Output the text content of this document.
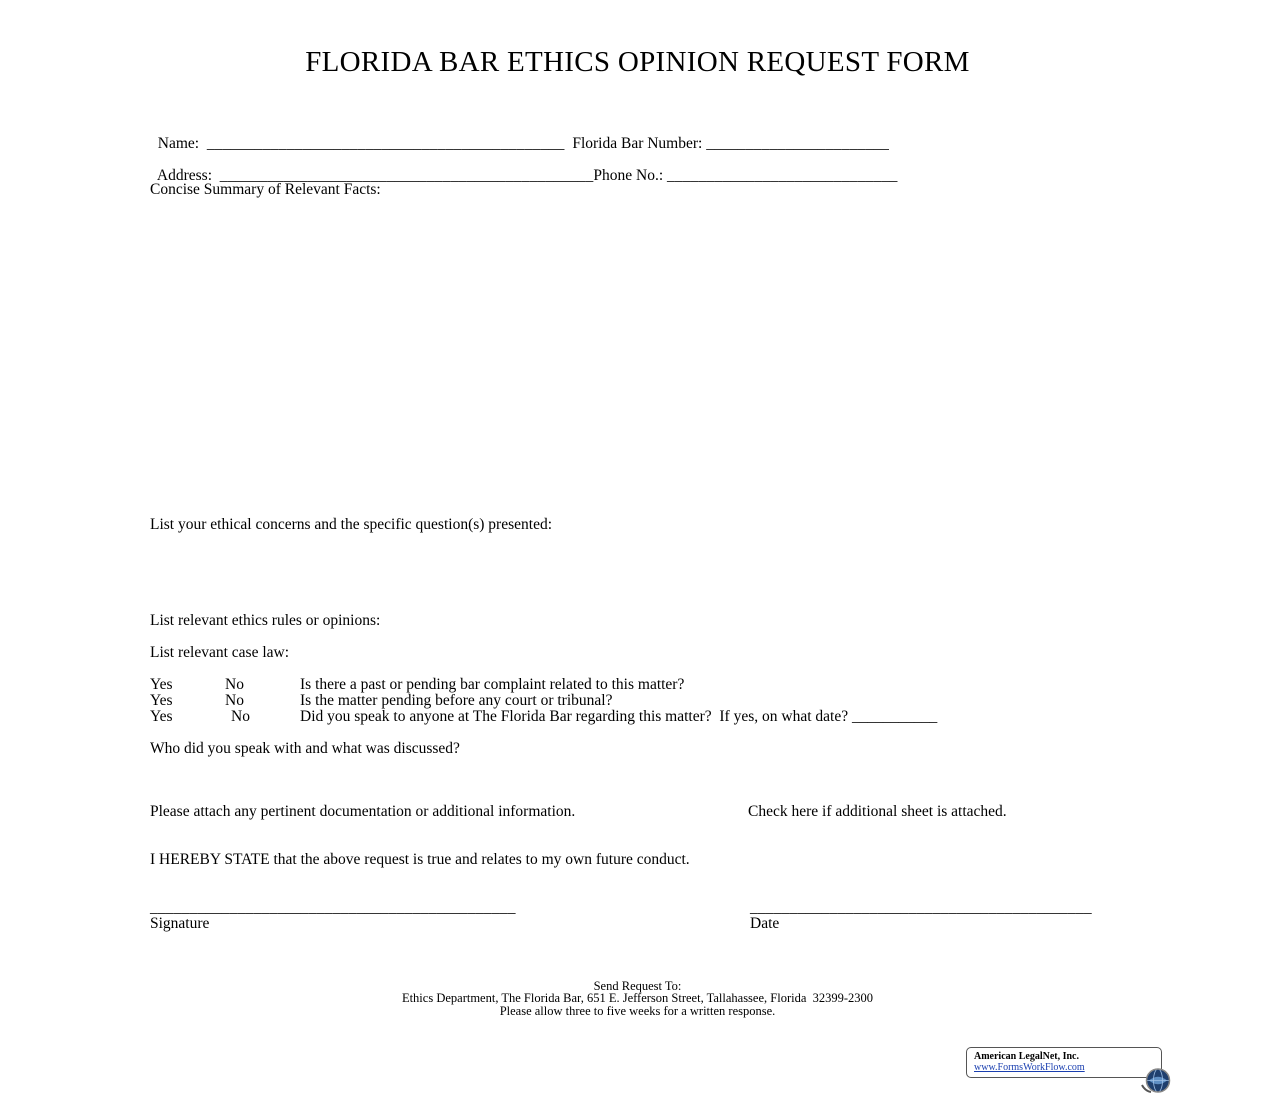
FLORIDA BAR ETHICS OPINION REQUEST FORM

Name: _____________________________________________ Florida Bar Number: _______________________

Address: _______________________________________________Phone No.: _____________________________

Concise Summary of Relevant Facts:
List your ethical concerns and the specific question(s) presented:
List relevant ethics rules or opinions:
List relevant case law:
Yes	No	Is there a past or pending bar complaint related to this matter?
Yes	No	Is the matter pending before any court or tribunal?
Yes	No	Did you speak to anyone at The Florida Bar regarding this matter?  If yes, on what date? ___________
Who did you speak with and what was discussed?
Please attach any pertinent documentation or additional information.	Check here if additional sheet is attached.
I HEREBY STATE that the above request is true and relates to my own future conduct.
______________________________________________
Signature
___________________________________________
Date
Send Request To:
Ethics Department, The Florida Bar, 651 E. Jefferson Street, Tallahassee, Florida  32399-2300
Please allow three to five weeks for a written response.

American LegalNet, Inc.

www.FormsWorkFlow.com
